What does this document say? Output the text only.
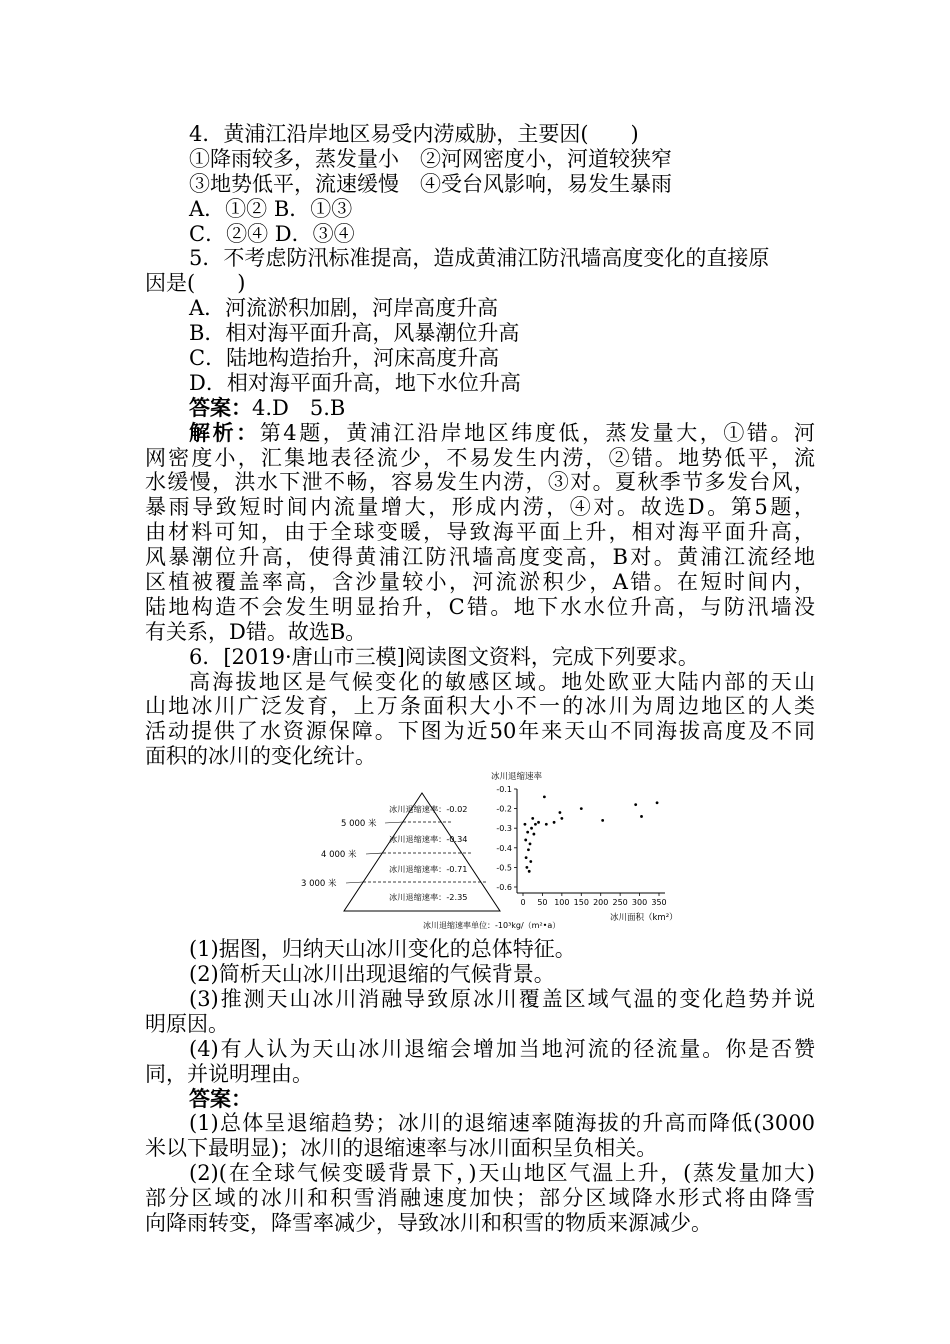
4．黄浦江沿岸地区易受内涝威胁，主要因(　　)
①降雨较多，蒸发量小　②河网密度小，河道较狭窄
③地势低平，流速缓慢　④受台风影响，易发生暴雨
A．①② B．①③
C．②④ D．③④
5．不考虑防汛标准提高，造成黄浦江防汛墙高度变化的直接原
因是(　　)
A．河流淤积加剧，河岸高度升高
B．相对海平面升高，风暴潮位升高
C．陆地构造抬升，河床高度升高
D．相对海平面升高，地下水位升高
答案：4.D　5.B
解析：第4题，黄浦江沿岸地区纬度低，蒸发量大，①错。河
网密度小，汇集地表径流少，不易发生内涝，②错。地势低平，流
水缓慢，洪水下泄不畅，容易发生内涝，③对。夏秋季节多发台风，
暴雨导致短时间内流量增大，形成内涝，④对。故选D。第5题，
由材料可知，由于全球变暖，导致海平面上升，相对海平面升高，
风暴潮位升高，使得黄浦江防汛墙高度变高，B对。黄浦江流经地
区植被覆盖率高，含沙量较小，河流淤积少，A错。在短时间内，
陆地构造不会发生明显抬升，C错。地下水水位升高，与防汛墙没
有关系，D错。故选B。
6．[2019·唐山市三模]阅读图文资料，完成下列要求。
高海拔地区是气候变化的敏感区域。地处欧亚大陆内部的天山
山地冰川广泛发育，上万条面积大小不一的冰川为周边地区的人类
活动提供了水资源保障。下图为近50年来天山不同海拔高度及不同
面积的冰川的变化统计。
5 000 米
4 000 米
3 000 米
冰川退缩速率：-0.02
冰川退缩速率：-0.34
冰川退缩速率：-0.71
冰川退缩速率：-2.35
冰川退缩速率单位：-10³kg/（m²•a）
冰川退缩速率
-0.1
-0.2
-0.3
-0.4
-0.5
-0.6
0 50 100 150 200 250 300 350
冰川面积（km²）
(1)据图，归纳天山冰川变化的总体特征。
(2)简析天山冰川出现退缩的气候背景。
(3)推测天山冰川消融导致原冰川覆盖区域气温的变化趋势并说
明原因。
(4)有人认为天山冰川退缩会增加当地河流的径流量。你是否赞
同，并说明理由。
答案：
(1)总体呈退缩趋势；冰川的退缩速率随海拔的升高而降低(3000
米以下最明显)；冰川的退缩速率与冰川面积呈负相关。
(2)(在全球气候变暖背景下，)天山地区气温上升，(蒸发量加大)
部分区域的冰川和积雪消融速度加快；部分区域降水形式将由降雪
向降雨转变，降雪率减少，导致冰川和积雪的物质来源减少。
